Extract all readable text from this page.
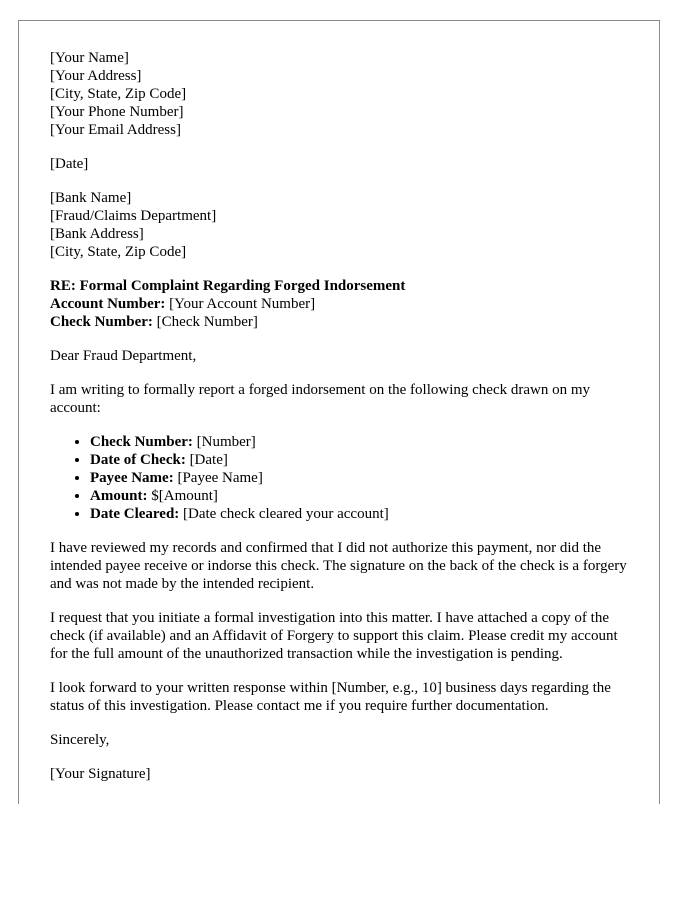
[Your Name]
[Your Address]
[City, State, Zip Code]
[Your Phone Number]
[Your Email Address]
[Date]
[Bank Name]
[Fraud/Claims Department]
[Bank Address]
[City, State, Zip Code]
RE: Formal Complaint Regarding Forged Indorsement
Account Number: [Your Account Number]
Check Number: [Check Number]

Dear Fraud Department,

I am writing to formally report a forged indorsement on the following check drawn on my account:

• Check Number: [Number]
• Date of Check: [Date]
• Payee Name: [Payee Name]
• Amount: $[Amount]
• Date Cleared: [Date check cleared your account]

I have reviewed my records and confirmed that I did not authorize this payment, nor did the intended payee receive or indorse this check. The signature on the back of the check is a forgery and was not made by the intended recipient.

I request that you initiate a formal investigation into this matter. I have attached a copy of the check (if available) and an Affidavit of Forgery to support this claim. Please credit my account for the full amount of the unauthorized transaction while the investigation is pending.

I look forward to your written response within [Number, e.g., 10] business days regarding the status of this investigation. Please contact me if you require further documentation.

Sincerely,

[Your Signature]
